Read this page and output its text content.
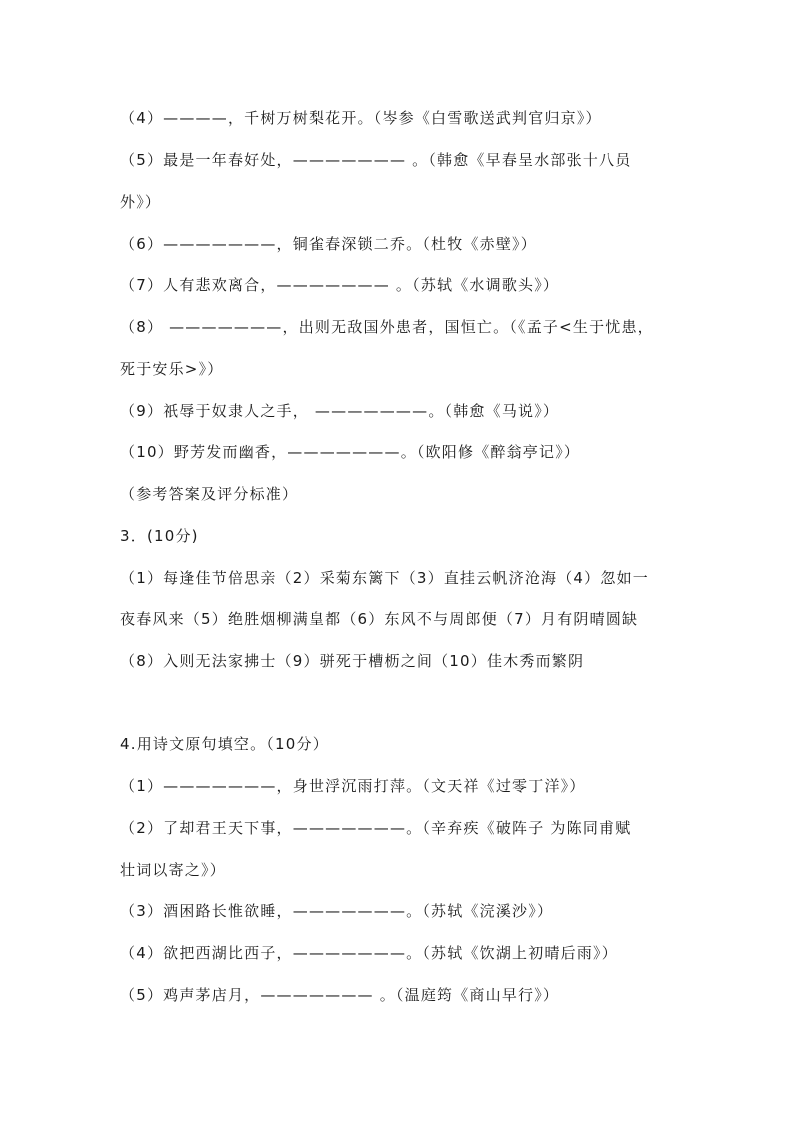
（4）————，千树万树梨花开。（岑参《白雪歌送武判官归京》）
（5）最是一年春好处，——————— 。（韩愈《早春呈水部张十八员
外》）
（6）———————，铜雀春深锁二乔。（杜牧《赤壁》）
（7）人有悲欢离合，——————— 。（苏轼《水调歌头》）
（8） ———————，出则无敌国外患者，国恒亡。（《孟子<生于忧患，
死于安乐>》）
（9）祇辱于奴隶人之手， ———————。（韩愈《马说》）
（10）野芳发而幽香，———————。（欧阳修《醉翁亭记》）
（参考答案及评分标准）
3．(10分)
（1）每逢佳节倍思亲（2）采菊东篱下（3）直挂云帆济沧海（4）忽如一
夜春风来（5）绝胜烟柳满皇都（6）东风不与周郎便（7）月有阴晴圆缺
（8）入则无法家拂士（9）骈死于槽枥之间（10）佳木秀而繁阴
4.用诗文原句填空。（10分）
（1）———————，身世浮沉雨打萍。（文天祥《过零丁洋》）
（2）了却君王天下事，———————。（辛弃疾《破阵子 为陈同甫赋
壮词以寄之》）
（3）酒困路长惟欲睡，———————。（苏轼《浣溪沙》）
（4）欲把西湖比西子，———————。（苏轼《饮湖上初晴后雨》）
（5）鸡声茅店月，——————— 。（温庭筠《商山早行》）
